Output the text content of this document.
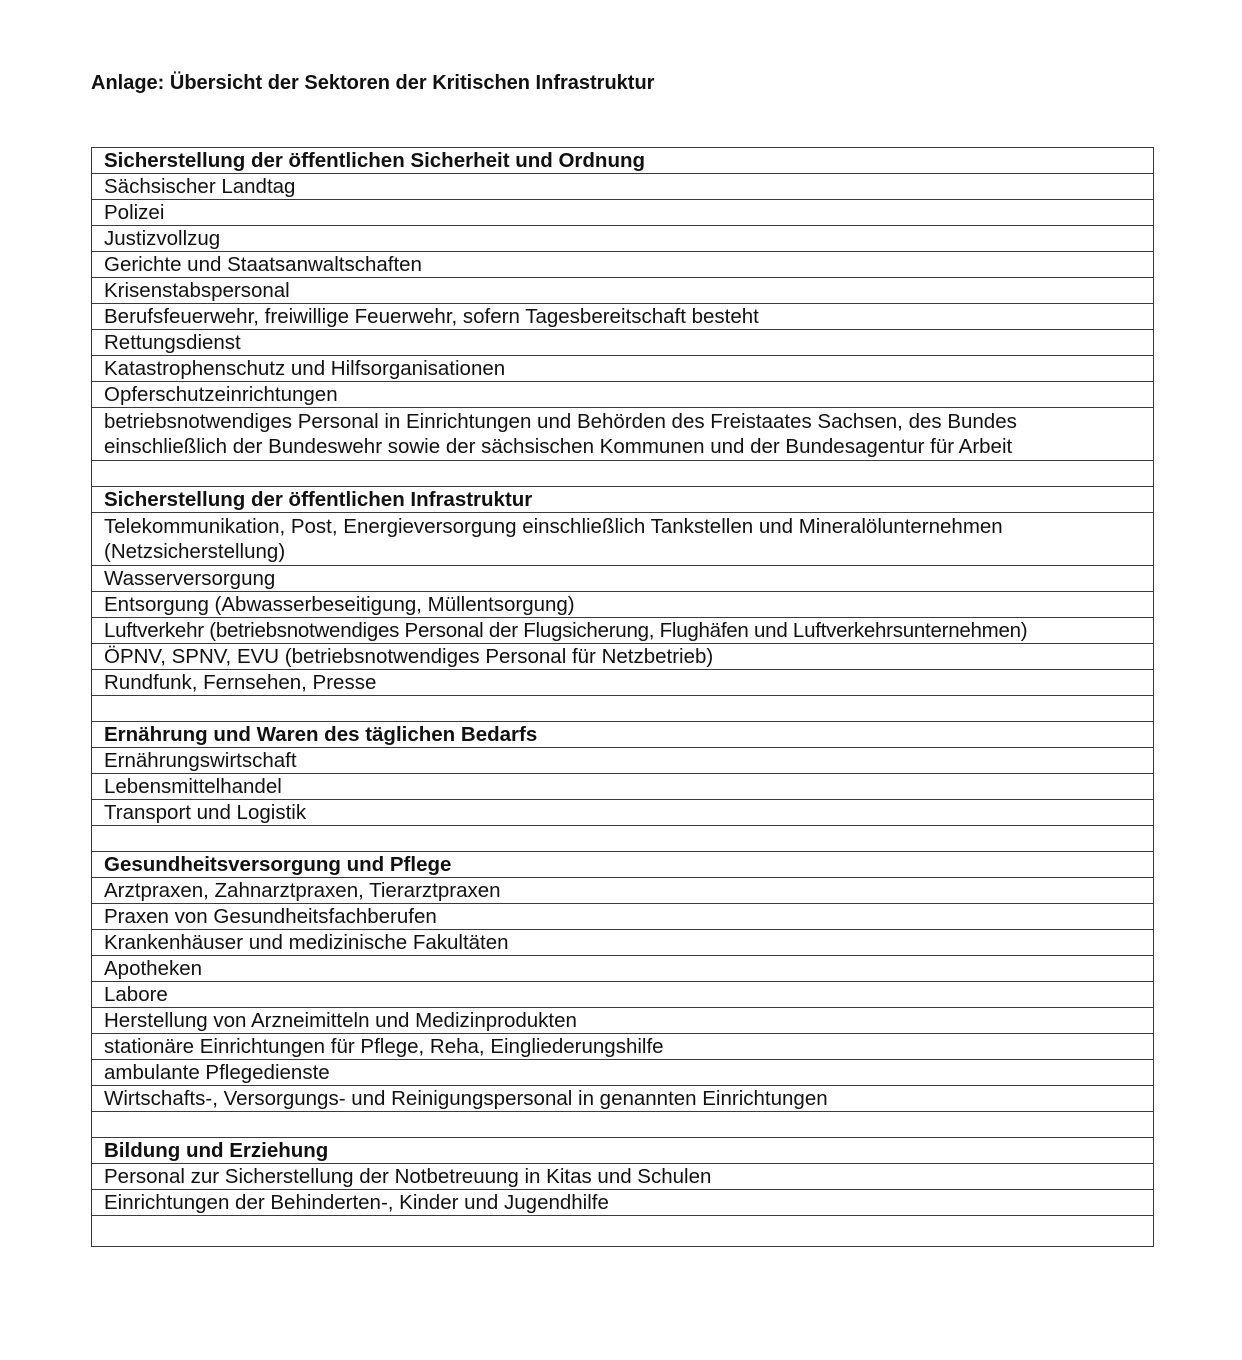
Anlage: Übersicht der Sektoren der Kritischen Infrastruktur
Sicherstellung der öffentlichen Sicherheit und Ordnung
Sächsischer Landtag
Polizei
Justizvollzug
Gerichte und Staatsanwaltschaften
Krisenstabspersonal
Berufsfeuerwehr, freiwillige Feuerwehr, sofern Tagesbereitschaft besteht
Rettungsdienst
Katastrophenschutz und Hilfsorganisationen
Opferschutzeinrichtungen
betriebsnotwendiges Personal in Einrichtungen und Behörden des Freistaates Sachsen, des Bundes einschließlich der Bundeswehr sowie der sächsischen Kommunen und der Bundesagentur für Arbeit

Sicherstellung der öffentlichen Infrastruktur
Telekommunikation, Post, Energieversorgung einschließlich Tankstellen und Mineralölunternehmen (Netzsicherstellung)
Wasserversorgung
Entsorgung (Abwasserbeseitigung, Müllentsorgung)
Luftverkehr (betriebsnotwendiges Personal der Flugsicherung, Flughäfen und Luftverkehrsunternehmen)
ÖPNV, SPNV, EVU (betriebsnotwendiges Personal für Netzbetrieb)
Rundfunk, Fernsehen, Presse

Ernährung und Waren des täglichen Bedarfs
Ernährungswirtschaft
Lebensmittelhandel
Transport und Logistik

Gesundheitsversorgung und Pflege
Arztpraxen, Zahnarztpraxen, Tierarztpraxen
Praxen von Gesundheitsfachberufen
Krankenhäuser und medizinische Fakultäten
Apotheken
Labore
Herstellung von Arzneimitteln und Medizinprodukten
stationäre Einrichtungen für Pflege, Reha, Eingliederungshilfe
ambulante Pflegedienste
Wirtschafts-, Versorgungs- und Reinigungspersonal in genannten Einrichtungen

Bildung und Erziehung
Personal zur Sicherstellung der Notbetreuung in Kitas und Schulen
Einrichtungen der Behinderten-, Kinder und Jugendhilfe
